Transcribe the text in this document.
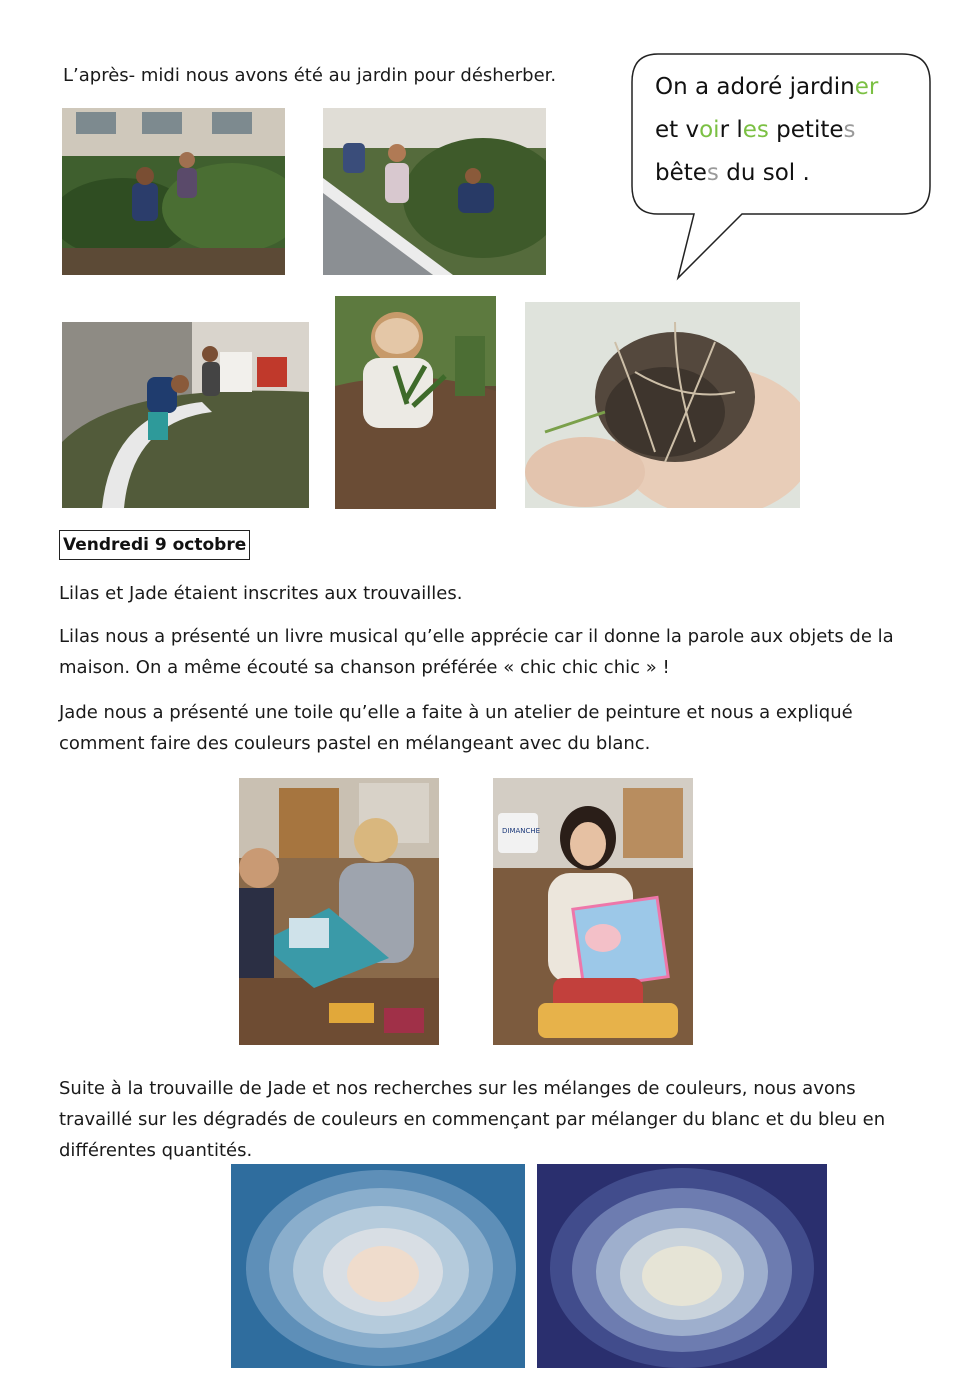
L’après- midi nous avons été au jardin pour désherber.	On a adoré jardiner
et voir les petites
bêtes du sol .
Vendredi 9 octobre
Lilas et Jade étaient inscrites aux trouvailles.
Lilas nous a présenté un livre musical qu’elle apprécie car il donne la parole aux objets de la
maison. On a même écouté sa chanson préférée « chic chic chic » !
Jade nous a présenté une toile qu’elle a faite à un atelier de peinture et nous a expliqué
comment faire des couleurs pastel en mélangeant avec du blanc.
DIMANCHE
Suite à la trouvaille de Jade et nos recherches sur les mélanges de couleurs, nous avons
travaillé sur les dégradés de couleurs en commençant par mélanger du blanc et du bleu en
différentes quantités.
